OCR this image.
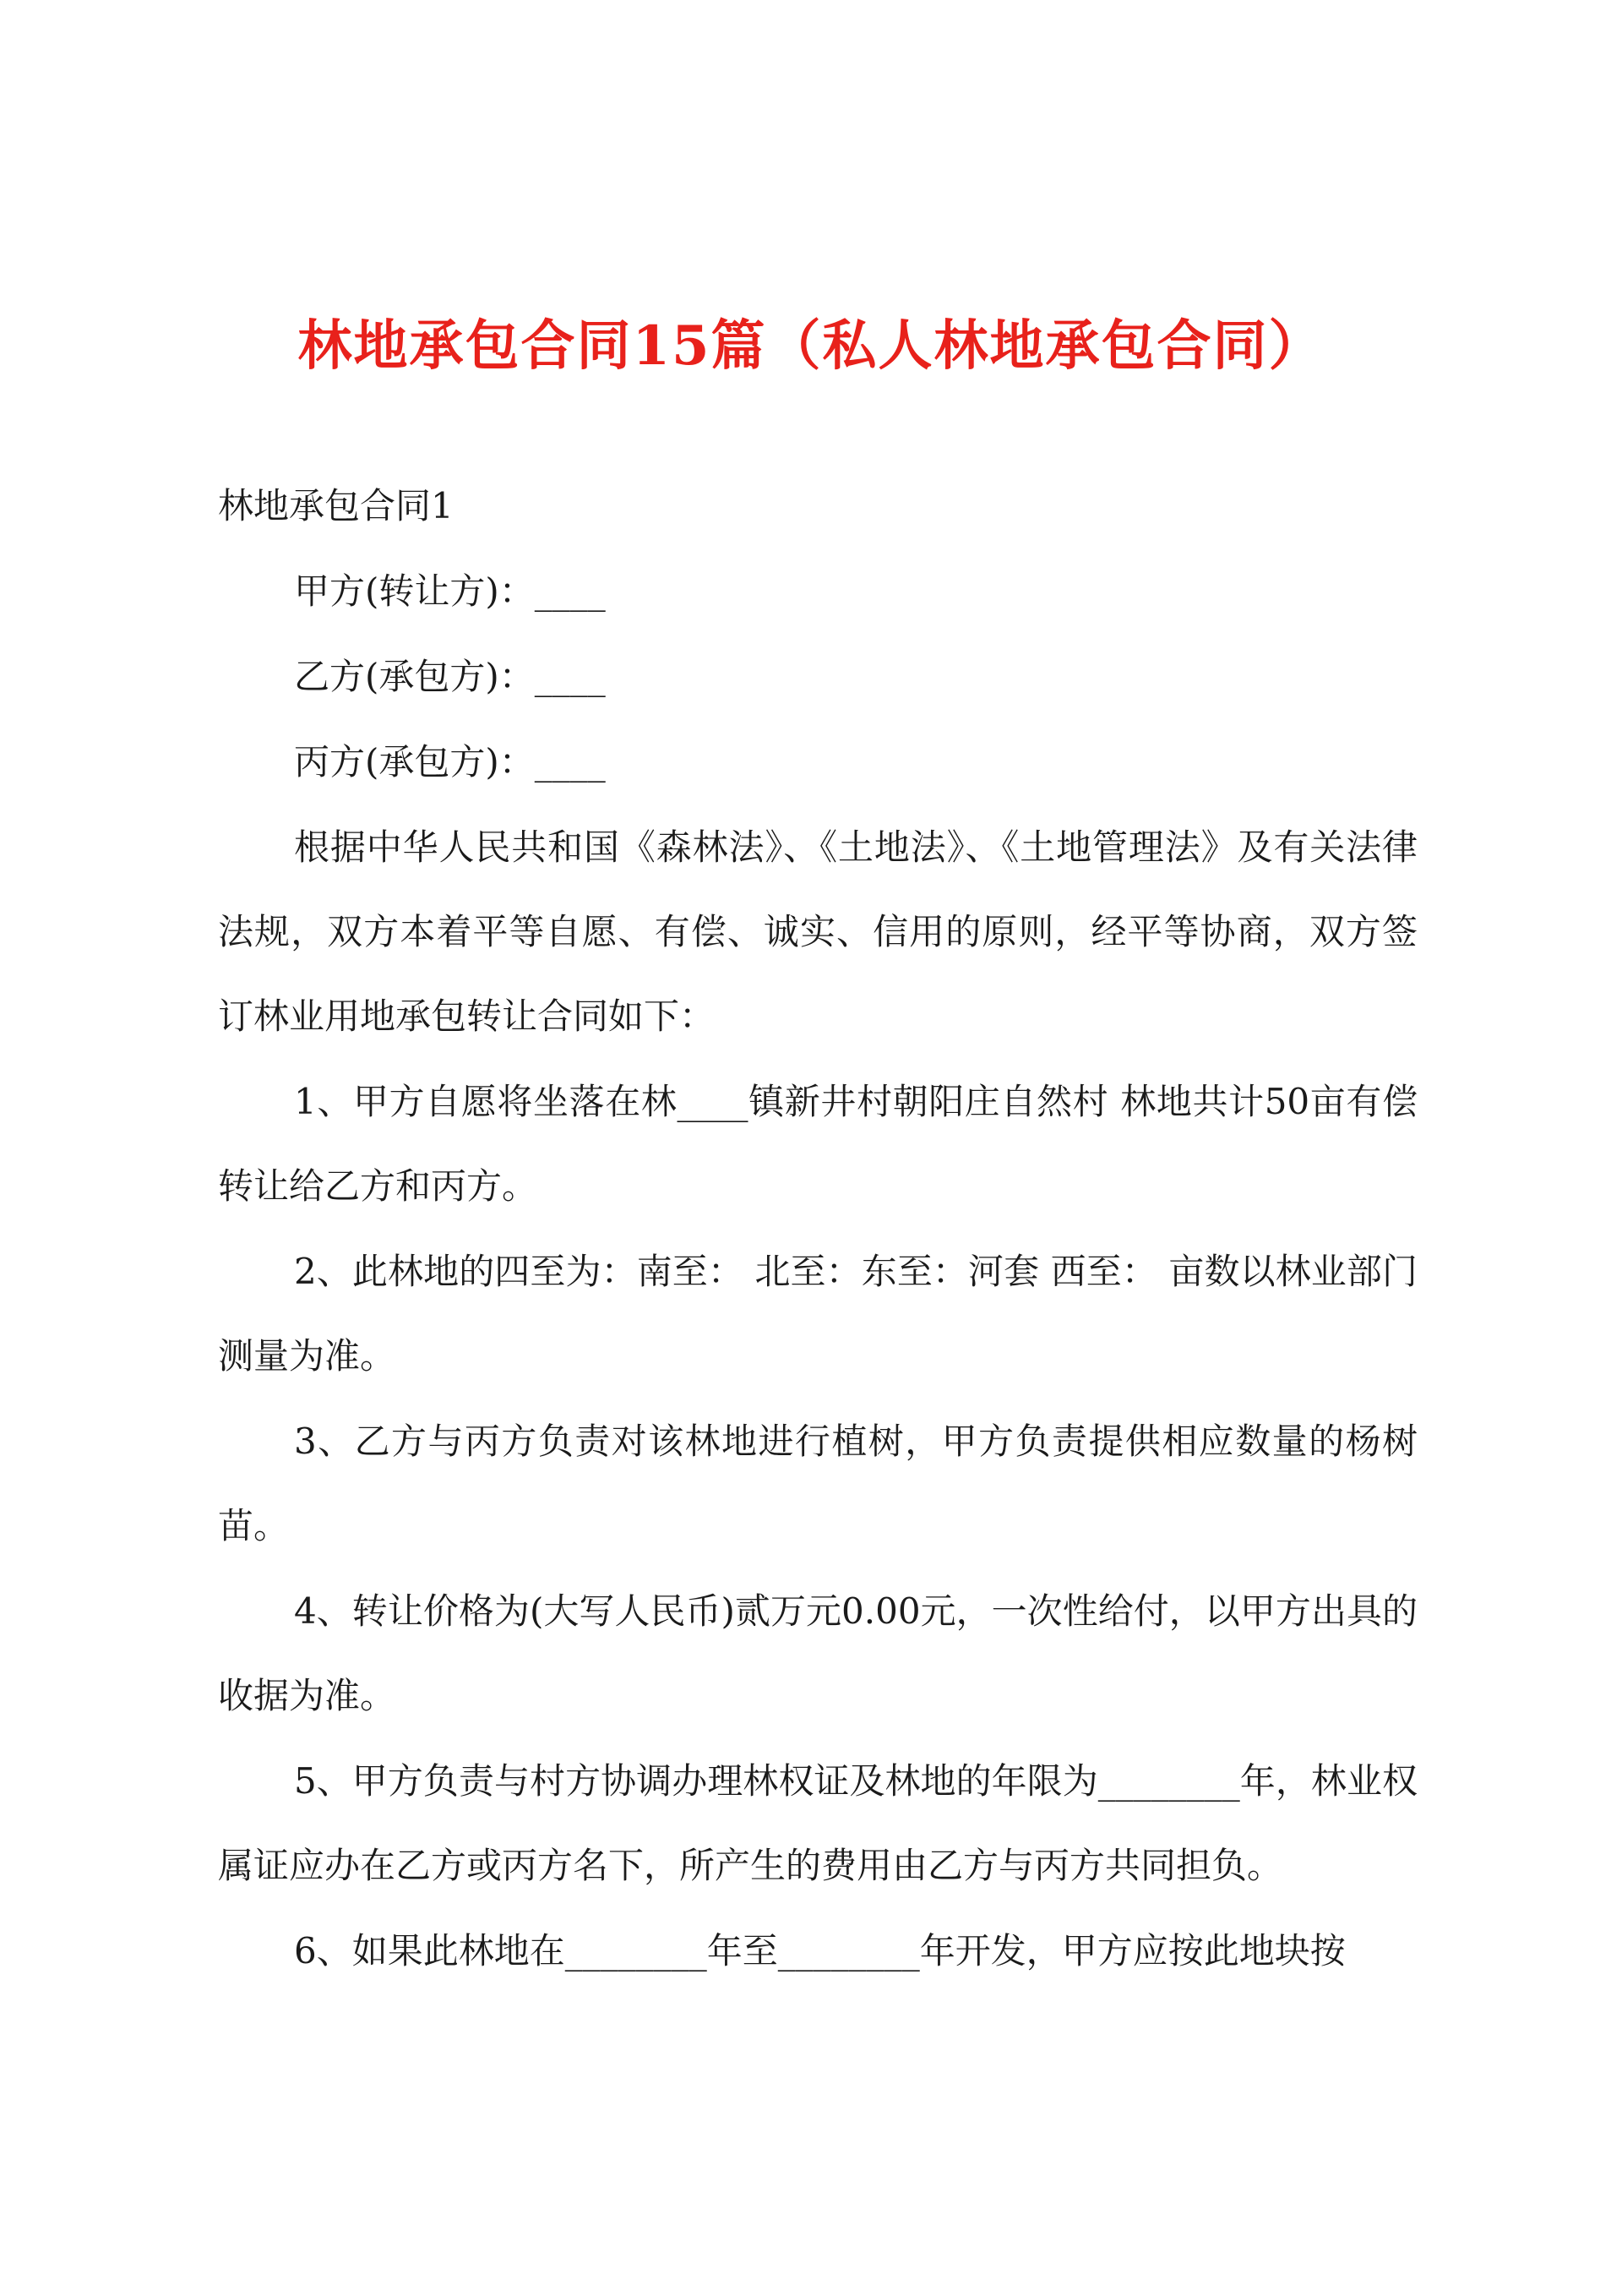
林地承包合同15篇（私人林地承包合同）
林地承包合同1

甲方(转让方)：____

乙方(承包方)：____

丙方(承包方)：____

根据中华人民共和国《森林法》、《土地法》、《土地管理法》及有关法律法规，双方本着平等自愿、有偿、诚实、信用的原则，经平等协商，双方签订林业用地承包转让合同如下：

1、甲方自愿将坐落在林____镇新井村朝阳庄自然村 林地共计50亩有偿转让给乙方和丙方。

2、此林地的四至为：南至： 北至：东至：河套 西至： 亩数以林业部门测量为准。

3、乙方与丙方负责对该林地进行植树，甲方负责提供相应数量的杨树苗。

4、转让价格为(大写人民币)贰万元0.00元，一次性给付，以甲方出具的收据为准。

5、甲方负责与村方协调办理林权证及林地的年限为________年，林业权属证应办在乙方或丙方名下，所产生的费用由乙方与丙方共同担负。

6、如果此林地在________年至________年开发，甲方应按此地块按
